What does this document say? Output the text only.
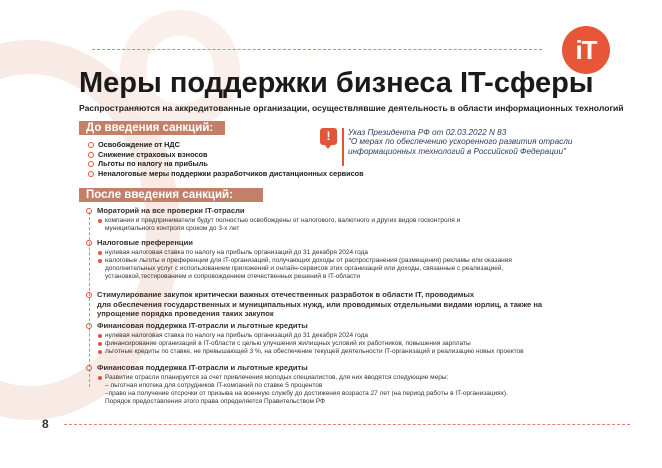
iT
Меры поддержки бизнеса IT-сферы
Распространяются на аккредитованные организации, осуществлявшие деятельность в области информационных технологий
До введения санкций:
Освобождение от НДС
Снижение страховых взносов
Льготы по налогу на прибыль
Неналоговые меры поддержки разработчиков дистанционных сервисов
!	Указ Президента РФ от 02.03.2022 N 83
"О мерах по обеспечению ускоренного развития отрасли
информационных технологий в Российской Федерации"
После введения санкций:
Мораторий на все проверки IT-отрасли
компании и предприниматели будут полностью освобождены от налогового, валютного и других видов госконтроля и
муниципального контроля сроком до 3-х лет
Налоговые преференции
нулевая налоговая ставка по налогу на прибыль организаций до 31 декабря 2024 года
налоговые льготы и преференции для IT-организаций, получающих доходы от распространения (размещения) рекламы или оказания
дополнительных услуг с использованием приложений и онлайн-сервисов этих организаций или доходы, связанные с реализацией,
установкой,тестированием и сопровождением отечественных решений в IT-области
Стимулирование закупок критически важных отечественных разработок в области IT, проводимых
для обеспечения государственных и муниципальных нужд, или проводимых отдельными видами юрлиц, а также на
упрощение порядка проведения таких закупок
Финансовая поддержка IT-отрасли и льготные кредиты
нулевая налоговая ставка по налогу на прибыль организаций до 31 декабря 2024 года
финансирование организаций в IT-области с целью улучшения жилищных условий их работников, повышения зарплаты
льготные кредиты по ставке, не превышающей 3 %, на обеспечение текущей деятельности IT-организаций и реализацию новых проектов
Финансовая поддержка IT-отрасли и льготные кредиты
Развитие отрасли планируется за счет привлечения молодых специалистов, для них вводятся следующие меры:
– льготная ипотека для сотрудников IT-компаний по ставке 5 процентов
–право на получение отсрочки от призыва на военную службу до достижения возраста 27 лет (на период работы в IT-организациях).
Порядок предоставления этого права определяется Правительством РФ
8
